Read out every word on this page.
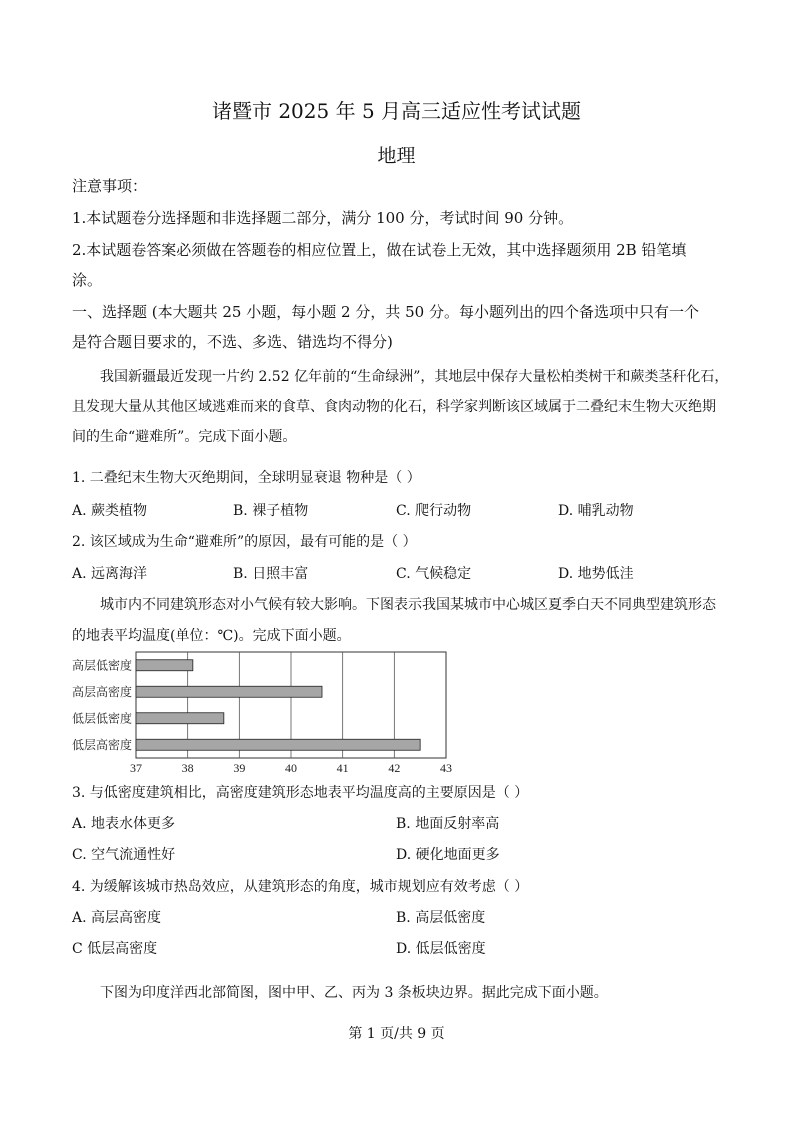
诸暨市 2025 年 5 月高三适应性考试试题
地理
注意事项：
1.本试题卷分选择题和非选择题二部分，满分 100 分，考试时间 90 分钟。
2.本试题卷答案必须做在答题卷的相应位置上，做在试卷上无效，其中选择题须用 2B 铅笔填
涂。
一、选择题 (本大题共 25 小题，每小题 2 分，共 50 分。每小题列出的四个备选项中只有一个
是符合题目要求的，不选、多选、错选均不得分)
我国新疆最近发现一片约 2.52 亿年前的“生命绿洲”，其地层中保存大量松柏类树干和蕨类茎秆化石，
且发现大量从其他区域逃难而来的食草、食肉动物的化石，科学家判断该区域属于二叠纪末生物大灭绝期
间的生命“避难所”。完成下面小题。
1. 二叠纪末生物大灭绝期间，全球明显衰退 物种是（ ）
A. 蕨类植物	B. 裸子植物	C. 爬行动物	D. 哺乳动物
2. 该区域成为生命“避难所”的原因，最有可能的是（ ）
A. 远离海洋	B. 日照丰富	C. 气候稳定	D. 地势低洼
城市内不同建筑形态对小气候有较大影响。下图表示我国某城市中心城区夏季白天不同典型建筑形态
的地表平均温度(单位：℃)。完成下面小题。
高层低密度
高层高密度
低层低密度
低层高密度
37	38	39	40	41	42	43
3. 与低密度建筑相比，高密度建筑形态地表平均温度高的主要原因是（ ）
A. 地表水体更多	B. 地面反射率高
C. 空气流通性好	D. 硬化地面更多
4. 为缓解该城市热岛效应，从建筑形态的角度，城市规划应有效考虑（ ）
A. 高层高密度	B. 高层低密度
C 低层高密度	D. 低层低密度
下图为印度洋西北部简图，图中甲、乙、丙为 3 条板块边界。据此完成下面小题。
第 1 页/共 9 页
